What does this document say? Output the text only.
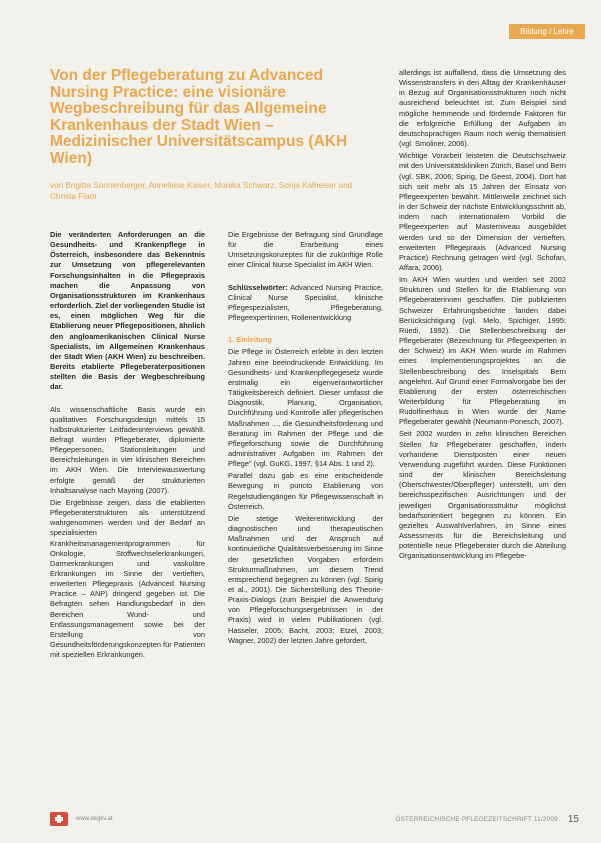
Bildung / Lehre
Von der Pflegeberatung zu Advanced Nursing Practice: eine visionäre Wegbeschreibung für das Allgemeine Krankenhaus der Stadt Wien – Medizinischer Universitätscampus (AKH Wien)

von Brigitte Sonnenberger, Anneliese Kaiser, Monika Schwarz, Sonja Kalheiser und Christa Flam

Die veränderten Anforderungen an die Gesundheits- und Krankenpflege in Österreich, insbesondere das Bekenntnis zur Umsetzung von pflegerelevanten Forschungsinhalten in die Pflegepraxis machen die Anpassung von Organisationsstrukturen im Krankenhaus erforderlich. Ziel der vorliegenden Studie ist es, einen möglichen Weg für die Etablierung neuer Pflegepositionen, ähnlich den angloamerikanischen Clinical Nurse Specialists, im Allgemeinen Krankenhaus der Stadt Wien (AKH Wien) zu beschreiben. Bereits etablierte Pflegeberaterpositionen stellten die Basis der Wegbeschreibung dar.

Als wissenschaftliche Basis wurde ein qualitatives Forschungsdesign mittels 15 halbstrukturierter Leitfadeninterviews gewählt. Befragt wurden Pflegeberater, diplomierte Pflegepersonen, Stationsleitungen und Bereichsleitungen in vier klinischen Bereichen im AKH Wien. Die Interviewauswertung erfolgte gemäß der strukturierten Inhaltsanalyse nach Mayring (2007).

Die Ergebnisse zeigen, dass die etablierten Pflegeberaterstrukturen als unterstützend wahrgenommen werden und der Bedarf an spezialisierten Krankheitsmanagementprogrammen für Onkologie, Stoffwechselerkrankungen, Darmerkrankungen und vaskuläre Erkrankungen im Sinne der vertieften, erweiterten Pflegepraxis (Advanced Nursing Practice – ANP) dringend gegeben ist. Die Befragten sehen Handlungsbedarf in den Bereichen Wund- und Entlassungsmanagement sowie bei der Erstellung von Gesundheitsförderungskonzepten für Patienten mit speziellen Erkrankungen.

Die Ergebnisse der Befragung sind Grundlage für die Erarbeitung eines Umsetzungskonzeptes für die zukünftige Rolle einer Clinical Nurse Specialist im AKH Wien.

Schlüsselwörter: Advanced Nursing Practice, Clinical Nurse Specialist, klinische Pflegespezialisten, Pflegeberatung, Pflegeexpertinnen, Rollenentwicklung

1. Einleitung

Die Pflege in Österreich erlebte in den letzten Jahren eine beeindruckende Entwicklung. Im Gesundheits- und Krankenpflegegesetz wurde erstmalig ein eigenverantwortlicher Tätigkeitsbereich definiert. Dieser umfasst die Diagnostik, Planung, Organisation, Durchführung und Kontrolle aller pflegerischen Maßnahmen ..., die Gesundheitsförderung und Beratung im Rahmen der Pflege und die Pflegeforschung sowie die Durchführung administrativer Aufgaben im Rahmen der Pflege" (vgl. GuKG, 1997, §14 Abs. 1 und 2).

Parallel dazu gab es eine entscheidende Bewegung in puncto Etablierung von Regelstudiengängen für Pflegewissenschaft in Österreich.

Die stetige Weiterentwicklung der diagnostischen und therapeutischen Maßnahmen und der Anspruch auf kontinuierliche Qualitätsverbesserung im Sinne der gesetzlichen Vorgaben erfordern Strukturmaßnahmen, um diesem Trend entsprechend begegnen zu können (vgl. Spirig et al., 2001). Die Sicherstellung des Theorie-Praxis-Dialogs (zum Beispiel die Anwendung von Pflegeforschungsergebnissen in der Praxis) wird in vielen Publikationen (vgl. Hasseler, 2005; Bacht, 2003; Etzel, 2003; Wagner, 2002) der letzten Jahre gefordert,

allerdings ist auffallend, dass die Umsetzung des Wissenstransfers in den Alltag der Krankenhäuser in Bezug auf Organisationsstrukturen noch nicht ausreichend beleuchtet ist. Zum Beispiel sind mögliche hemmende und fördernde Faktoren für die erfolgreiche Erfüllung der Aufgaben im deutschsprachigen Raum noch wenig thematisiert (vgl. Smoliner, 2006).

Wichtige Vorarbeit leisteten die Deutschschweiz mit den Universitätskliniken Zürich, Basel und Bern (vgl. SBK, 2006; Spirig, De Geest, 2004). Dort hat sich seit mehr als 15 Jahren der Einsatz von Pflegeexperten bewährt. Mittlerweile zeichnet sich in der Schweiz der nächste Entwicklungsschritt ab, indem nach internationalem Vorbild die Pflegeexperten auf Masterniveau ausgebildet werden und so der Dimension der vertieften, erweiterten Pflegepraxis (Advanced Nursing Practice) Rechnung getragen wird (vgl. Schofan, Affara, 2006).

Im AKH Wien wurden und werden seit 2002 Strukturen und Stellen für die Etablierung von Pflegeberaterinnen geschaffen. Die publizierten Schweizer Erfahrungsberichte fanden dabei Berücksichtigung (vgl. Melo, Spichiger, 1995; Rüedi, 1992). Die Stellenbeschreibung der Pflegeberater (Bezeichnung für Pflegeexperten in der Schweiz) im AKH Wien wurde im Rahmen eines Implementierungsprojektes an die Stellenbeschreibung des Inselspitals Bern angelehnt. Auf Grund einer Formalvorgabe bei der Etablierung der ersten österreichischen Weiterbildung für Pflegeberatung im Rudolfinerhaus in Wien wurde der Name Pflegeberater gewählt (Neumann-Ponesch, 2007).

Seit 2002 wurden in zehn klinischen Bereichen Stellen für Pflegeberater geschaffen, indem vorhandene Dienstposten einer neuen Verwendung zugeführt wurden. Diese Funktionen sind der klinischen Bereichsleitung (Oberschwester/Oberpfleger) unterstellt, um den bereichsspezifischen Ausrichtungen und der jeweiligen Organisationsstruktur möglichst bedarfsorientiert begegnen zu können. Ein gezieltes Auswahlverfahren, im Sinne eines Assessments für die Bereichsleitung und potentielle neue Pflegeberater durch die Abteilung Organisationsentwicklung im Pflegebe-

www.oegkv.at	ÖSTERREICHISCHE PFLEGEZEITSCHRIFT 11/2009 15
